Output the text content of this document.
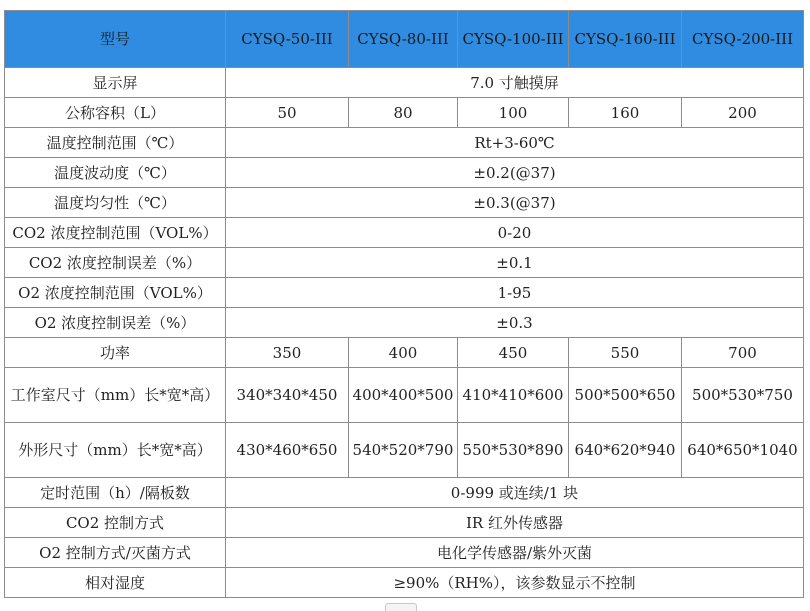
型号	CYSQ-50-III	CYSQ-80-III	CYSQ-100-III	CYSQ-160-III	CYSQ-200-III
显示屏	7.0 寸触摸屏				
公称容积（L）	50	80	100	160	200
温度控制范围（℃）	Rt+3-60℃				
温度波动度（℃）	±0.2(@37)				
温度均匀性（℃）	±0.3(@37)				
CO2 浓度控制范围（VOL%）	0-20				
CO2 浓度控制误差（%）	±0.1				
O2 浓度控制范围（VOL%）	1-95				
O2 浓度控制误差（%）	±0.3				
功率	350	400	450	550	700
工作室尺寸（mm）长*宽*高）	340*340*450	400*400*500	410*410*600	500*500*650	500*530*750
外形尺寸（mm）长*宽*高）	430*460*650	540*520*790	550*530*890	640*620*940	640*650*1040
定时范围（h）/隔板数	0-999 或连续/1 块				
CO2 控制方式	IR 红外传感器				
O2 控制方式/灭菌方式	电化学传感器/紫外灭菌				
相对湿度	≥90%（RH%），该参数显示不控制				
